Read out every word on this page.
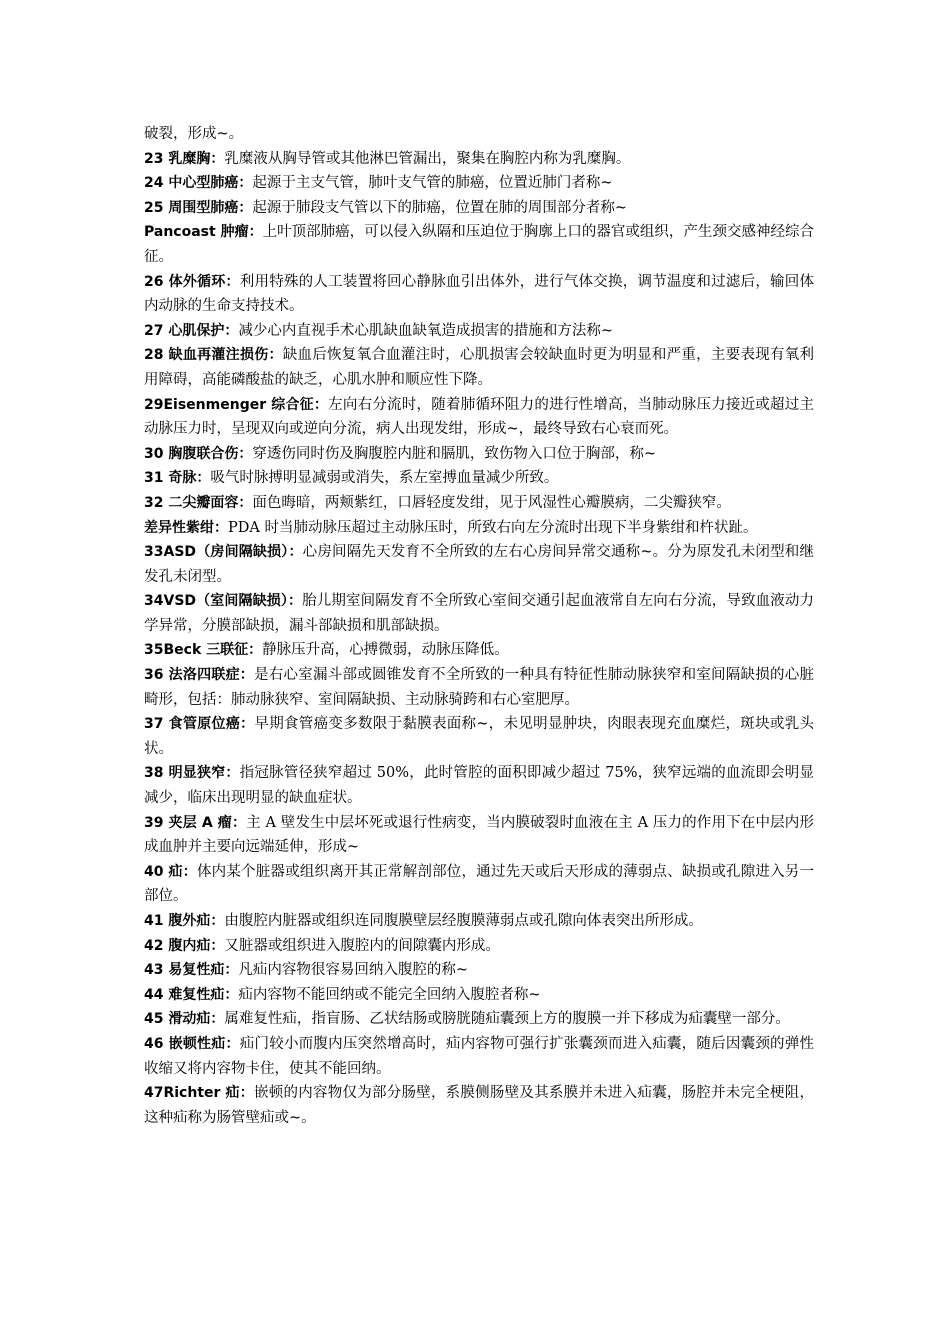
破裂，形成~。

23 乳糜胸：乳糜液从胸导管或其他淋巴管漏出，聚集在胸腔内称为乳糜胸。

24 中心型肺癌：起源于主支气管，肺叶支气管的肺癌，位置近肺门者称~

25 周围型肺癌：起源于肺段支气管以下的肺癌，位置在肺的周围部分者称~

Pancoast 肿瘤：上叶顶部肺癌，可以侵入纵隔和压迫位于胸廓上口的器官或组织，产生颈交感神经综合征。

26 体外循环：利用特殊的人工装置将回心静脉血引出体外，进行气体交换，调节温度和过滤后，输回体内动脉的生命支持技术。

27 心肌保护：减少心内直视手术心肌缺血缺氧造成损害的措施和方法称~

28 缺血再灌注损伤：缺血后恢复氧合血灌注时，心肌损害会较缺血时更为明显和严重，主要表现有氧利用障碍，高能磷酸盐的缺乏，心肌水肿和顺应性下降。

29Eisenmenger 综合征：左向右分流时，随着肺循环阻力的进行性增高，当肺动脉压力接近或超过主动脉压力时，呈现双向或逆向分流，病人出现发绀，形成~，最终导致右心衰而死。

30 胸腹联合伤：穿透伤同时伤及胸腹腔内脏和膈肌，致伤物入口位于胸部，称~

31 奇脉：吸气时脉搏明显减弱或消失，系左室搏血量减少所致。

32 二尖瓣面容：面色晦暗，两颊紫红，口唇轻度发绀，见于风湿性心瓣膜病，二尖瓣狭窄。

差异性紫绀：PDA 时当肺动脉压超过主动脉压时，所致右向左分流时出现下半身紫绀和杵状趾。

33ASD（房间隔缺损）：心房间隔先天发育不全所致的左右心房间异常交通称~。分为原发孔未闭型和继发孔未闭型。

34VSD（室间隔缺损）：胎儿期室间隔发育不全所致心室间交通引起血液常自左向右分流，导致血液动力学异常，分膜部缺损，漏斗部缺损和肌部缺损。

35Beck 三联征：静脉压升高，心搏微弱，动脉压降低。

36 法洛四联症：是右心室漏斗部或圆锥发育不全所致的一种具有特征性肺动脉狭窄和室间隔缺损的心脏畸形，包括：肺动脉狭窄、室间隔缺损、主动脉骑跨和右心室肥厚。

37 食管原位癌：早期食管癌变多数限于黏膜表面称~，未见明显肿块，肉眼表现充血糜烂，斑块或乳头状。

38 明显狭窄：指冠脉管径狭窄超过 50%，此时管腔的面积即减少超过 75%，狭窄远端的血流即会明显减少，临床出现明显的缺血症状。

39 夹层 A 瘤：主 A 壁发生中层坏死或退行性病变，当内膜破裂时血液在主 A 压力的作用下在中层内形成血肿并主要向远端延伸，形成~

40 疝：体内某个脏器或组织离开其正常解剖部位，通过先天或后天形成的薄弱点、缺损或孔隙进入另一部位。

41 腹外疝：由腹腔内脏器或组织连同腹膜壁层经腹膜薄弱点或孔隙向体表突出所形成。

42 腹内疝：又脏器或组织进入腹腔内的间隙囊内形成。

43 易复性疝：凡疝内容物很容易回纳入腹腔的称~

44 难复性疝：疝内容物不能回纳或不能完全回纳入腹腔者称~

45 滑动疝：属难复性疝，指盲肠、乙状结肠或膀胱随疝囊颈上方的腹膜一并下移成为疝囊壁一部分。

46 嵌顿性疝：疝门较小而腹内压突然增高时，疝内容物可强行扩张囊颈而进入疝囊，随后因囊颈的弹性收缩又将内容物卡住，使其不能回纳。

47Richter 疝：嵌顿的内容物仅为部分肠壁，系膜侧肠壁及其系膜并未进入疝囊，肠腔并未完全梗阻，这种疝称为肠管壁疝或~。
